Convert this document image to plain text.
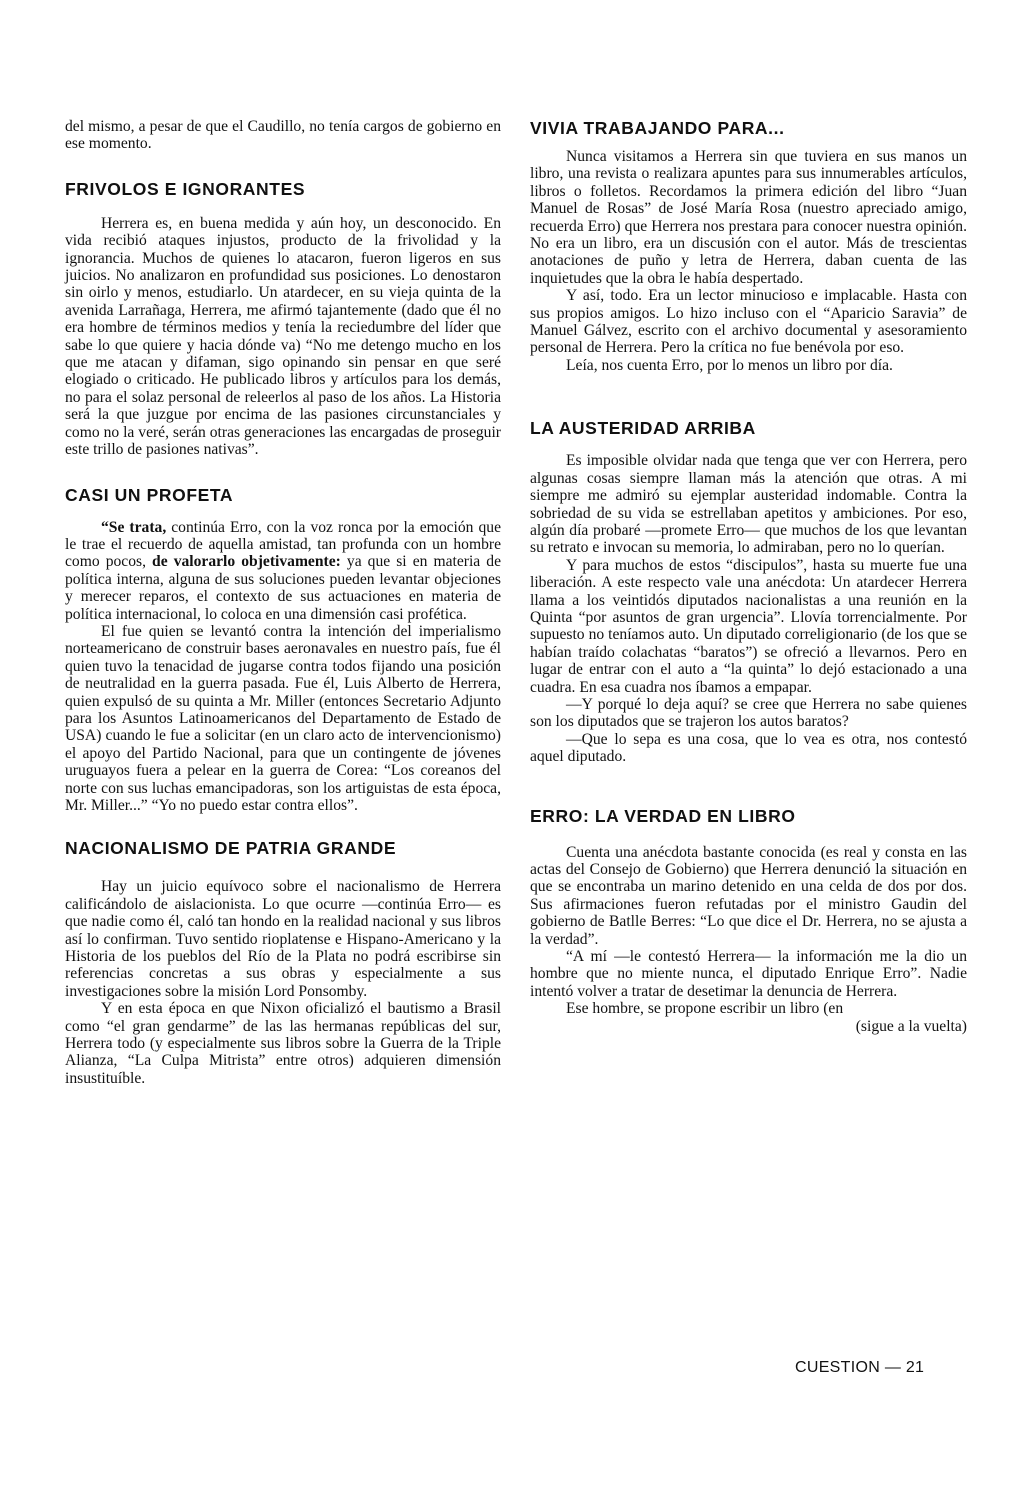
del mismo, a pesar de que el Caudillo, no tenía cargos de gobierno en ese momento.

FRIVOLOS E IGNORANTES

Herrera es, en buena medida y aún hoy, un desconocido. En vida recibió ataques injustos, producto de la frivolidad y la ignorancia. Muchos de quienes lo atacaron, fueron ligeros en sus juicios. No analizaron en profundidad sus posiciones. Lo denostaron sin oirlo y menos, estudiarlo. Un atardecer, en su vieja quinta de la avenida Larrañaga, Herrera, me afirmó tajantemente (dado que él no era hombre de términos medios y tenía la reciedumbre del líder que sabe lo que quiere y hacia dónde va) “No me detengo mucho en los que me atacan y difaman, sigo opinando sin pensar en que seré elogiado o criticado. He publicado libros y artículos para los demás, no para el solaz personal de releerlos al paso de los años. La Historia será la que juzgue por encima de las pasiones circunstanciales y como no la veré, serán otras generaciones las encargadas de proseguir este trillo de pasiones nativas”.

CASI UN PROFETA

“Se trata, continúa Erro, con la voz ronca por la emoción que le trae el recuerdo de aquella amistad, tan profunda con un hombre como pocos, de valorarlo objetivamente: ya que si en materia de política interna, alguna de sus soluciones pueden levantar objeciones y merecer reparos, el contexto de sus actuaciones en materia de política internacional, lo coloca en una dimensión casi profética.

El fue quien se levantó contra la intención del imperialismo norteamericano de construir bases aeronavales en nuestro país, fue él quien tuvo la tenacidad de jugarse contra todos fijando una posición de neutralidad en la guerra pasada. Fue él, Luis Alberto de Herrera, quien expulsó de su quinta a Mr. Miller (entonces Secretario Adjunto para los Asuntos Latinoamericanos del Departamento de Estado de USA) cuando le fue a solicitar (en un claro acto de intervencionismo) el apoyo del Partido Nacional, para que un contingente de jóvenes uruguayos fuera a pelear en la guerra de Corea: “Los coreanos del norte con sus luchas emancipadoras, son los artiguistas de esta época, Mr. Miller...” “Yo no puedo estar contra ellos”.

NACIONALISMO DE PATRIA GRANDE

Hay un juicio equívoco sobre el nacionalismo de Herrera calificándolo de aislacionista. Lo que ocurre —continúa Erro— es que nadie como él, caló tan hondo en la realidad nacional y sus libros así lo confirman. Tuvo sentido rioplatense e Hispano-Americano y la Historia de los pueblos del Río de la Plata no podrá escribirse sin referencias concretas a sus obras y especialmente a sus investigaciones sobre la misión Lord Ponsomby.

Y en esta época en que Nixon oficializó el bautismo a Brasil como “el gran gendarme” de las las hermanas repúblicas del sur, Herrera todo (y especialmente sus libros sobre la Guerra de la Triple Alianza, “La Culpa Mitrista” entre otros) adquieren dimensión insustituíble.

VIVIA TRABAJANDO PARA...

Nunca visitamos a Herrera sin que tuviera en sus manos un libro, una revista o realizara apuntes para sus innumerables artículos, libros o folletos. Recordamos la primera edición del libro “Juan Manuel de Rosas” de José María Rosa (nuestro apreciado amigo, recuerda Erro) que Herrera nos prestara para conocer nuestra opinión. No era un libro, era un discusión con el autor. Más de trescientas anotaciones de puño y letra de Herrera, daban cuenta de las inquietudes que la obra le había despertado.

Y así, todo. Era un lector minucioso e implacable. Hasta con sus propios amigos. Lo hizo incluso con el “Aparicio Saravia” de Manuel Gálvez, escrito con el archivo documental y asesoramiento personal de Herrera. Pero la crítica no fue benévola por eso.

Leía, nos cuenta Erro, por lo menos un libro por día.

LA AUSTERIDAD ARRIBA

Es imposible olvidar nada que tenga que ver con Herrera, pero algunas cosas siempre llaman más la atención que otras. A mi siempre me admiró su ejemplar austeridad indomable. Contra la sobriedad de su vida se estrellaban apetitos y ambiciones. Por eso, algún día probaré —promete Erro— que muchos de los que levantan su retrato e invocan su memoria, lo admiraban, pero no lo querían.

Y para muchos de estos “discipulos”, hasta su muerte fue una liberación. A este respecto vale una anécdota: Un atardecer Herrera llama a los veintidós diputados nacionalistas a una reunión en la Quinta “por asuntos de gran urgencia”. Llovía torrencialmente. Por supuesto no teníamos auto. Un diputado correligionario (de los que se habían traído colachatas “baratos”) se ofreció a llevarnos. Pero en lugar de entrar con el auto a “la quinta” lo dejó estacionado a una cuadra. En esa cuadra nos íbamos a empapar.

—Y porqué lo deja aquí? se cree que Herrera no sabe quienes son los diputados que se trajeron los autos baratos?

—Que lo sepa es una cosa, que lo vea es otra, nos contestó aquel diputado.

ERRO: LA VERDAD EN LIBRO

Cuenta una anécdota bastante conocida (es real y consta en las actas del Consejo de Gobierno) que Herrera denunció la situación en que se encontraba un marino detenido en una celda de dos por dos. Sus afirmaciones fueron refutadas por el ministro Gaudin del gobierno de Batlle Berres: “Lo que dice el Dr. Herrera, no se ajusta a la verdad”.

“A mí —le contestó Herrera— la información me la dio un hombre que no miente nunca, el diputado Enrique Erro”. Nadie intentó volver a tratar de desetimar la denuncia de Herrera.

Ese hombre, se propone escribir un libro (en

(sigue a la vuelta)

CUESTION — 21
